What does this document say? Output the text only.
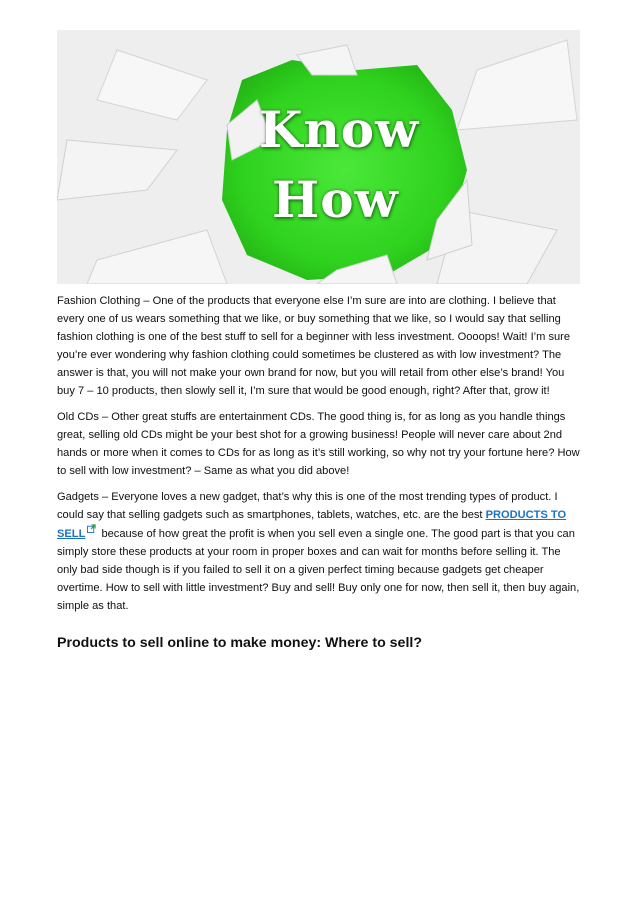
Know
How

Fashion Clothing – One of the products that everyone else I’m sure are into are clothing. I believe that every one of us wears something that we like, or buy something that we like, so I would say that selling fashion clothing is one of the best stuff to sell for a beginner with less investment. Oooops! Wait! I’m sure you’re ever wondering why fashion clothing could sometimes be clustered as with low investment? The answer is that, you will not make your own brand for now, but you will retail from other else’s brand! You buy 7 – 10 products, then slowly sell it, I’m sure that would be good enough, right? After that, grow it!

Old CDs – Other great stuffs are entertainment CDs. The good thing is, for as long as you handle things great, selling old CDs might be your best shot for a growing business! People will never care about 2nd hands or more when it comes to CDs for as long as it’s still working, so why not try your fortune here? How to sell with low investment? – Same as what you did above!

Gadgets – Everyone loves a new gadget, that’s why this is one of the most trending types of product. I could say that selling gadgets such as smartphones, tablets, watches, etc. are the best PRODUCTS TO SELL because of how great the profit is when you sell even a single one. The good part is that you can simply store these products at your room in proper boxes and can wait for months before selling it. The only bad side though is if you failed to sell it on a given perfect timing because gadgets get cheaper overtime. How to sell with little investment? Buy and sell! Buy only one for now, then sell it, then buy again, simple as that.

Products to sell online to make money: Where to sell?
